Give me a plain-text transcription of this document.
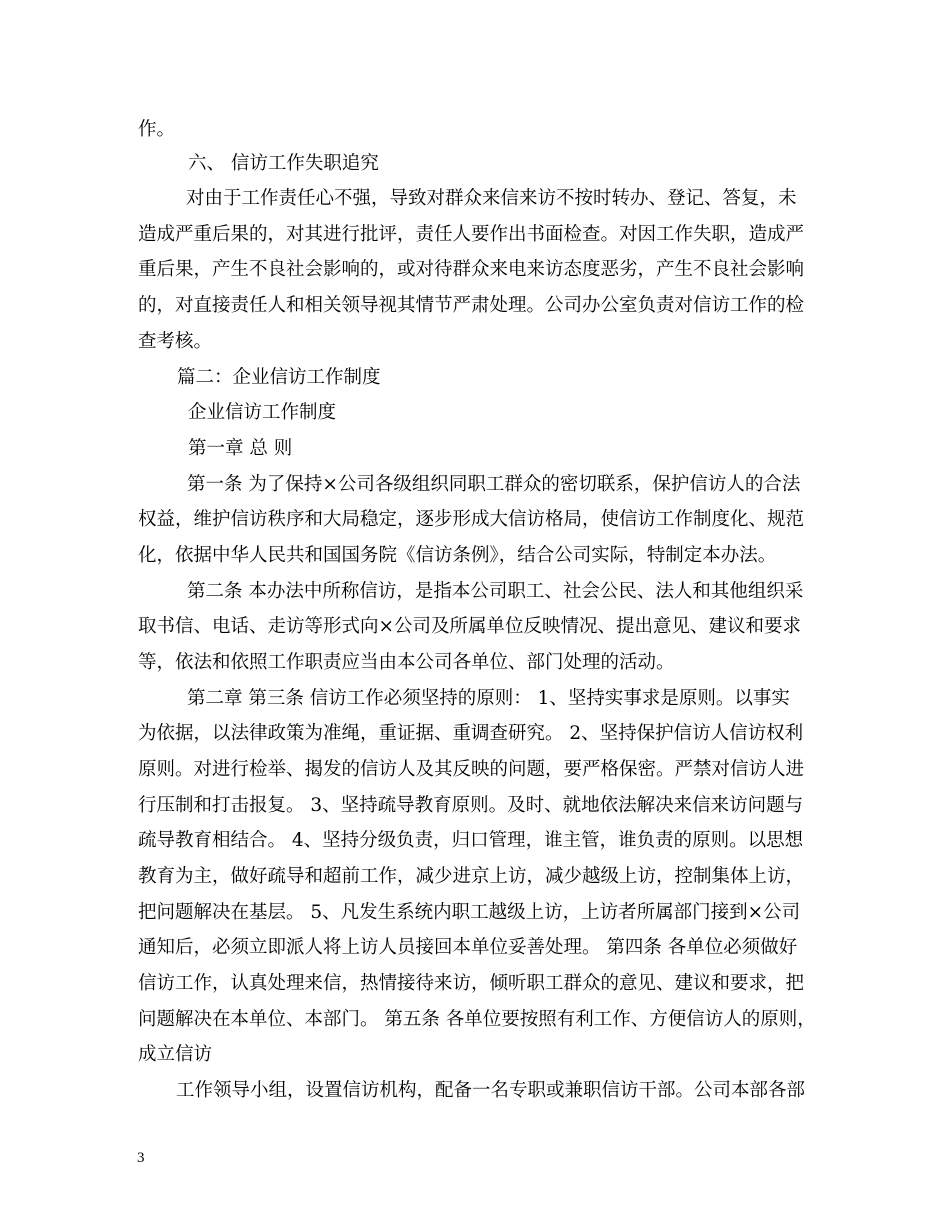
作。
六、 信访工作失职追究
对由于工作责任心不强，导致对群众来信来访不按时转办、登记、答复，未
造成严重后果的，对其进行批评，责任人要作出书面检查。对因工作失职，造成严
重后果，产生不良社会影响的，或对待群众来电来访态度恶劣，产生不良社会影响
的，对直接责任人和相关领导视其情节严肃处理。公司办公室负责对信访工作的检
查考核。
篇二：企业信访工作制度
企业信访工作制度
第一章 总 则
第一条 为了保持×公司各级组织同职工群众的密切联系，保护信访人的合法
权益，维护信访秩序和大局稳定，逐步形成大信访格局，使信访工作制度化、规范
化，依据中华人民共和国国务院《信访条例》，结合公司实际，特制定本办法。
第二条 本办法中所称信访，是指本公司职工、社会公民、法人和其他组织采
取书信、电话、走访等形式向×公司及所属单位反映情况、提出意见、建议和要求
等，依法和依照工作职责应当由本公司各单位、部门处理的活动。
第二章 第三条 信访工作必须坚持的原则： 1、坚持实事求是原则。以事实
为依据，以法律政策为准绳，重证据、重调查研究。 2、坚持保护信访人信访权利
原则。对进行检举、揭发的信访人及其反映的问题，要严格保密。严禁对信访人进
行压制和打击报复。 3、坚持疏导教育原则。及时、就地依法解决来信来访问题与
疏导教育相结合。 4、坚持分级负责，归口管理，谁主管，谁负责的原则。以思想
教育为主，做好疏导和超前工作，减少进京上访，减少越级上访，控制集体上访，
把问题解决在基层。 5、凡发生系统内职工越级上访，上访者所属部门接到×公司
通知后，必须立即派人将上访人员接回本单位妥善处理。 第四条 各单位必须做好
信访工作，认真处理来信，热情接待来访，倾听职工群众的意见、建议和要求，把
问题解决在本单位、本部门。 第五条 各单位要按照有利工作、方便信访人的原则，
成立信访
工作领导小组，设置信访机构，配备一名专职或兼职信访干部。公司本部各部
3
